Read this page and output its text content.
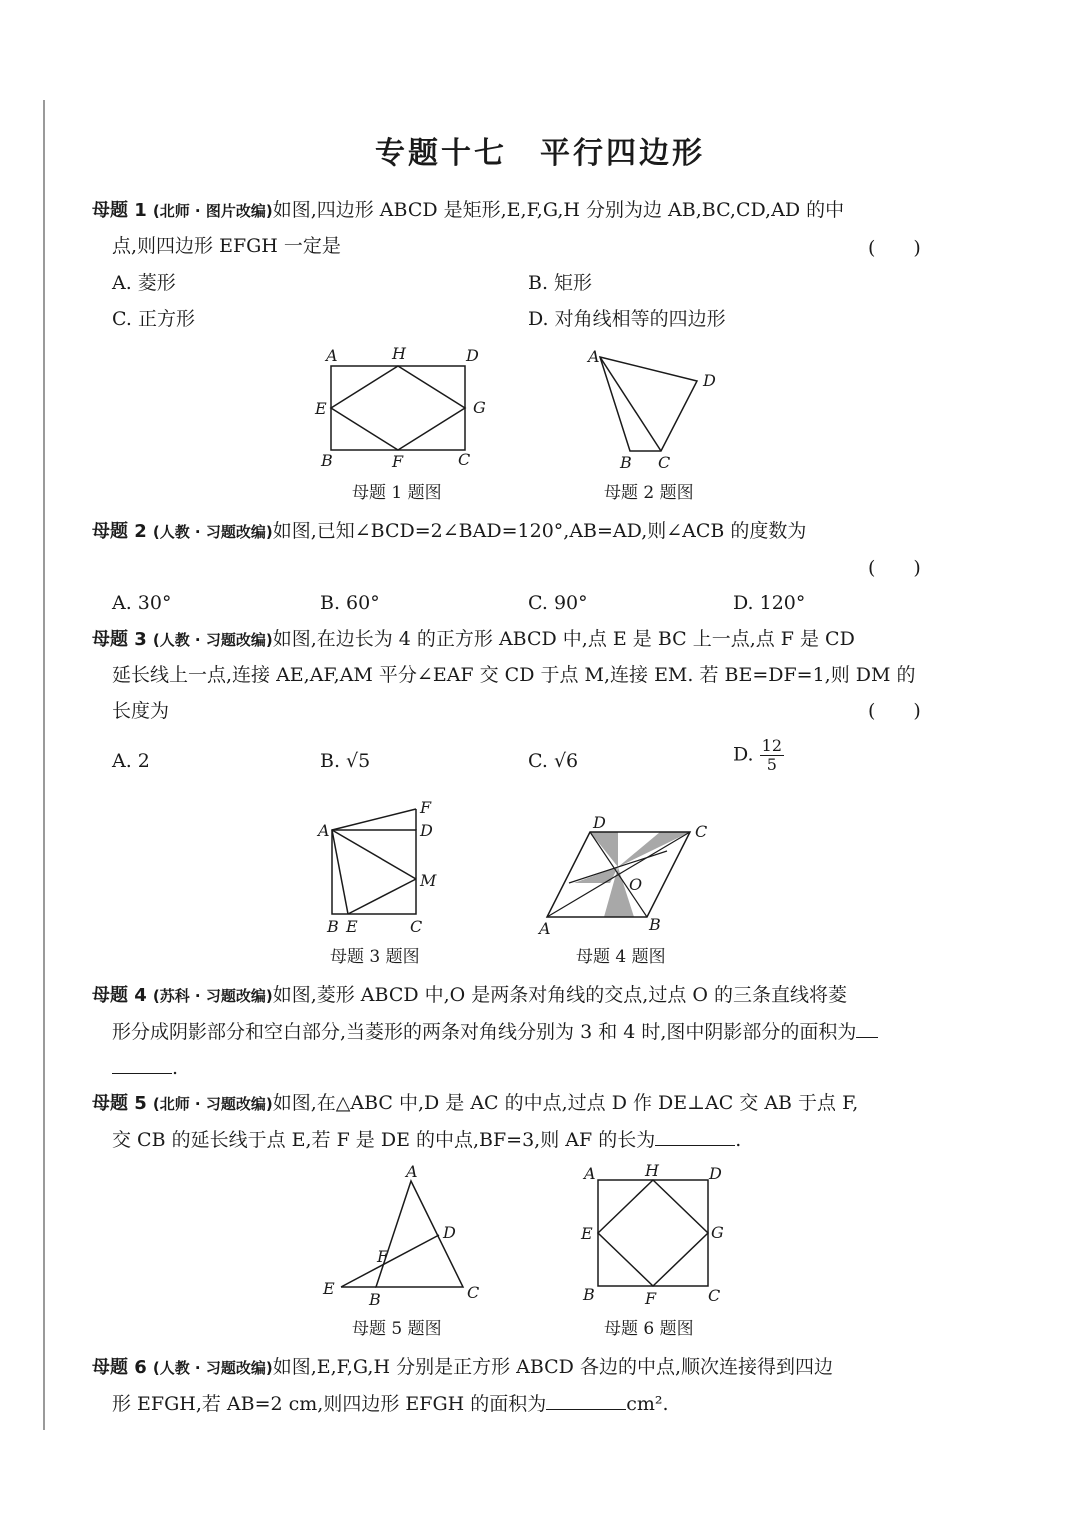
专题十七　平行四边形
母题 1 (北师 · 图片改编)如图,四边形 ABCD 是矩形,E,F,G,H 分别为边 AB,BC,CD,AD 的中
点,则四边形 EFGH 一定是	(　　)
A. 菱形	B. 矩形
C. 正方形	D. 对角线相等的四边形
A	H	D
E	G
B	F	C
母题 1 题图
A
D
B C
母题 2 题图
母题 2 (人教 · 习题改编)如图,已知∠BCD=2∠BAD=120°,AB=AD,则∠ACB 的度数为
(　　)
A. 30°	B. 60°	C. 90°	D. 120°
母题 3 (人教 · 习题改编)如图,在边长为 4 的正方形 ABCD 中,点 E 是 BC 上一点,点 F 是 CD
延长线上一点,连接 AE,AF,AM 平分∠EAF 交 CD 于点 M,连接 EM. 若 BE=DF=1,则 DM 的
长度为	(　　)
A. 2	B. √5	C. √6	D. $\frac{12}{5}$
F
A	D
M
B E	C
母题 3 题图
D	C
O
A	B
母题 4 题图
母题 4 (苏科 · 习题改编)如图,菱形 ABCD 中,O 是两条对角线的交点,过点 O 的三条直线将菱
形分成阴影部分和空白部分,当菱形的两条对角线分别为 3 和 4 时,图中阴影部分的面积为
.
母题 5 (北师 · 习题改编)如图,在△ABC 中,D 是 AC 的中点,过点 D 作 DE⊥AC 交 AB 于点 F,
交 CB 的延长线于点 E,若 F 是 DE 的中点,BF=3,则 AF 的长为	.
A
D
F
E
B	C
母题 5 题图
A	H	D
E	G
B	F	C
母题 6 题图
母题 6 (人教 · 习题改编)如图,E,F,G,H 分别是正方形 ABCD 各边的中点,顺次连接得到四边
形 EFGH,若 AB=2 cm,则四边形 EFGH 的面积为	cm².
